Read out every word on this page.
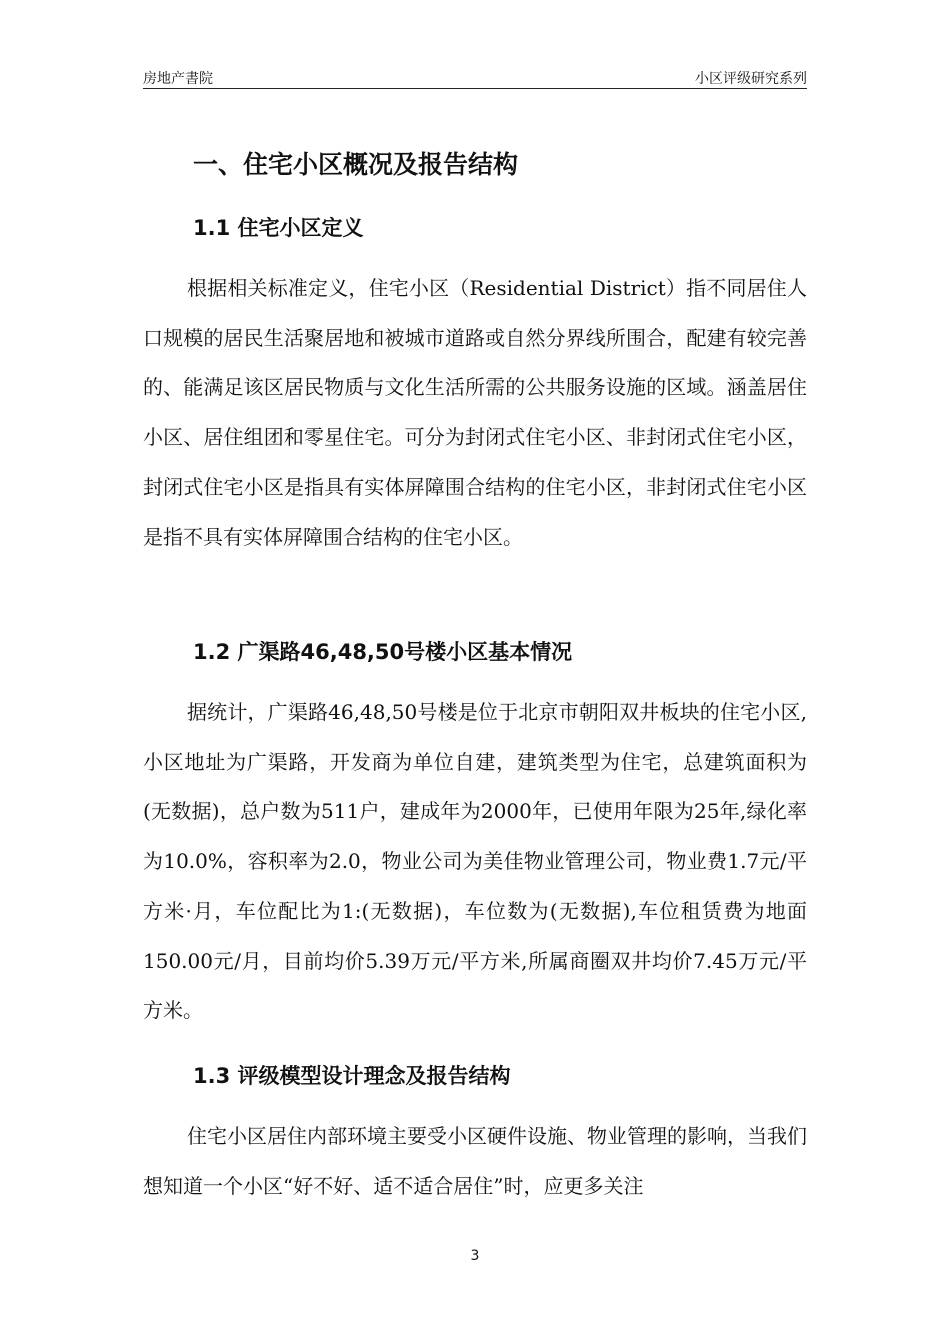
房地产書院	小区评级研究系列
一、住宅小区概况及报告结构
1.1 住宅小区定义
根据相关标准定义，住宅小区（Residential District）指不同居住人口规模的居民生活聚居地和被城市道路或自然分界线所围合，配建有较完善的、能满足该区居民物质与文化生活所需的公共服务设施的区域。涵盖居住小区、居住组团和零星住宅。可分为封闭式住宅小区、非封闭式住宅小区，封闭式住宅小区是指具有实体屏障围合结构的住宅小区，非封闭式住宅小区是指不具有实体屏障围合结构的住宅小区。
1.2 广渠路46,48,50号楼小区基本情况
据统计，广渠路46,48,50号楼是位于北京市朝阳双井板块的住宅小区,小区地址为广渠路，开发商为单位自建，建筑类型为住宅，总建筑面积为(无数据)，总户数为511户，建成年为2000年，已使用年限为25年,绿化率为10.0%，容积率为2.0，物业公司为美佳物业管理公司，物业费1.7元/平方米·月，车位配比为1:(无数据)，车位数为(无数据),车位租赁费为地面150.00元/月，目前均价5.39万元/平方米,所属商圈双井均价7.45万元/平方米。
1.3 评级模型设计理念及报告结构
住宅小区居住内部环境主要受小区硬件设施、物业管理的影响，当我们想知道一个小区“好不好、适不适合居住”时，应更多关注
3
